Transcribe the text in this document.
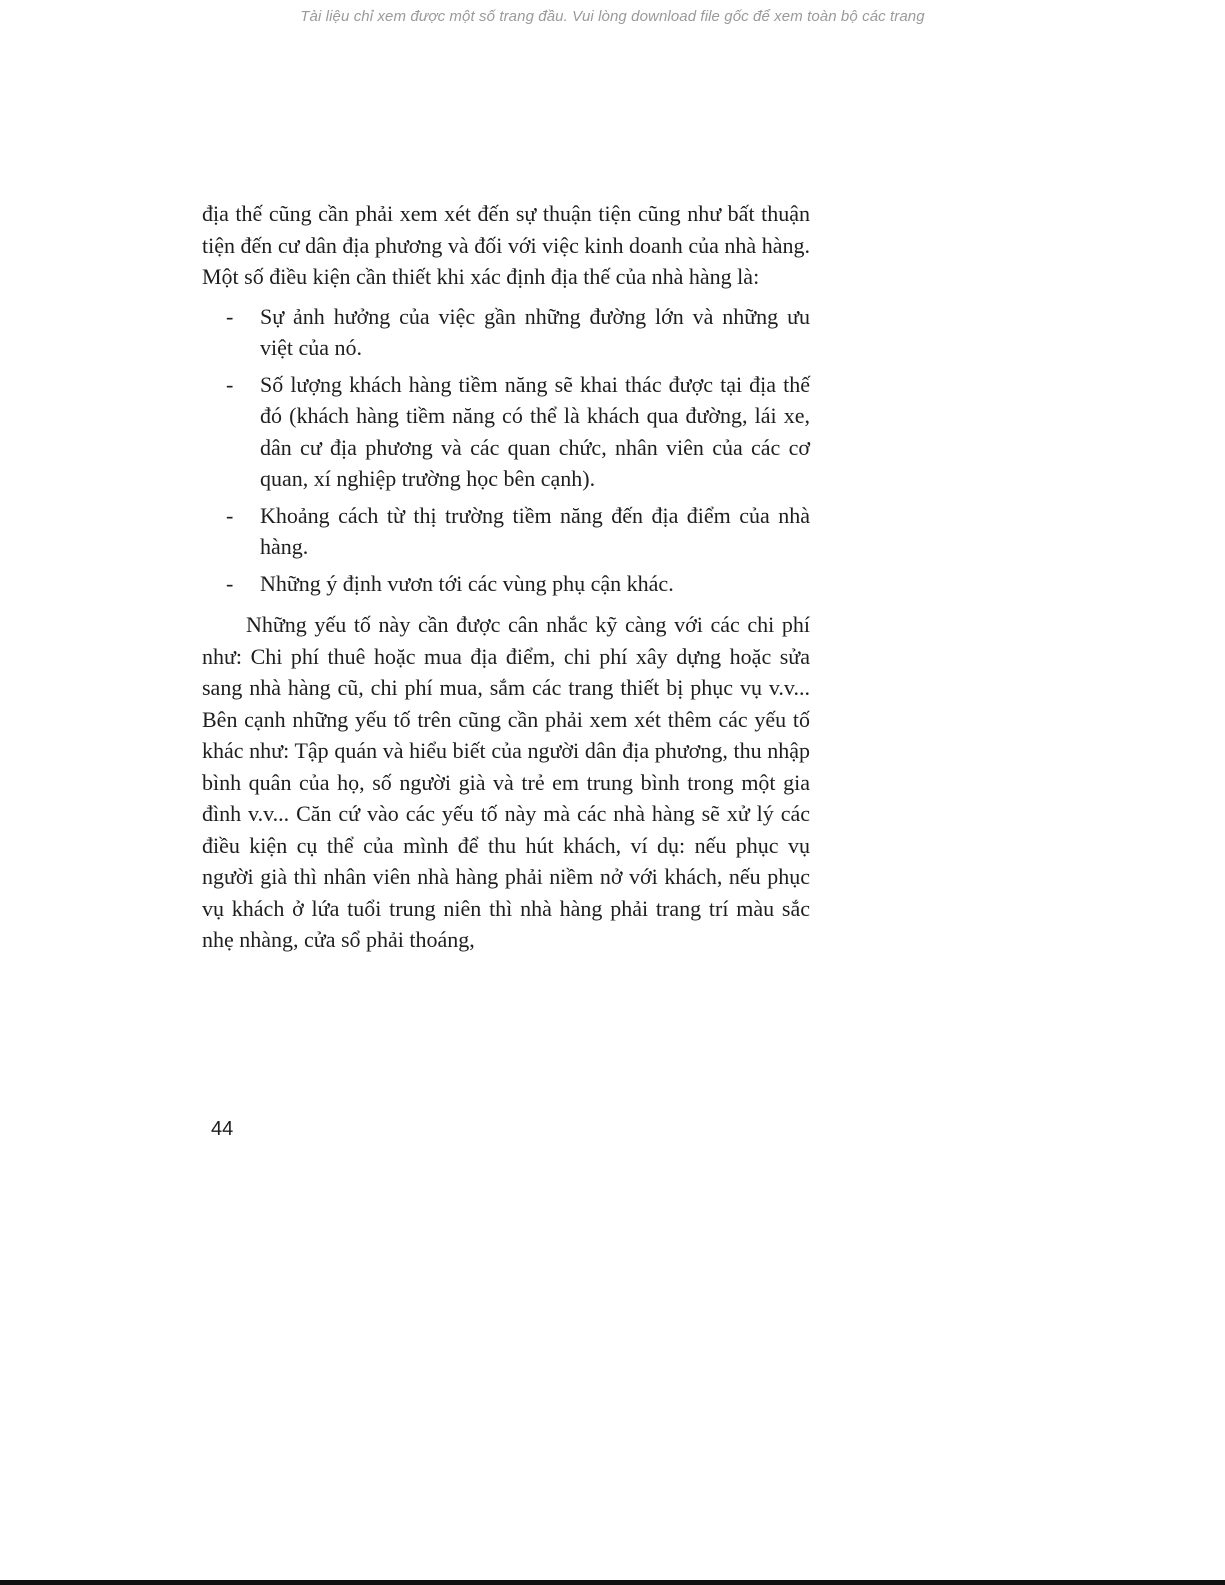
Tài liệu chỉ xem được một số trang đầu. Vui lòng download file gốc để xem toàn bộ các trang

địa thế cũng cần phải xem xét đến sự thuận tiện cũng như bất thuận tiện đến cư dân địa phương và đối với việc kinh doanh của nhà hàng. Một số điều kiện cần thiết khi xác định địa thế của nhà hàng là:

- Sự ảnh hưởng của việc gần những đường lớn và những ưu việt của nó.
- Số lượng khách hàng tiềm năng sẽ khai thác được tại địa thế đó (khách hàng tiềm năng có thể là khách qua đường, lái xe, dân cư địa phương và các quan chức, nhân viên của các cơ quan, xí nghiệp trường học bên cạnh).
- Khoảng cách từ thị trường tiềm năng đến địa điểm của nhà hàng.
- Những ý định vươn tới các vùng phụ cận khác.

Những yếu tố này cần được cân nhắc kỹ càng với các chi phí như: Chi phí thuê hoặc mua địa điểm, chi phí xây dựng hoặc sửa sang nhà hàng cũ, chi phí mua, sắm các trang thiết bị phục vụ v.v... Bên cạnh những yếu tố trên cũng cần phải xem xét thêm các yếu tố khác như: Tập quán và hiểu biết của người dân địa phương, thu nhập bình quân của họ, số người già và trẻ em trung bình trong một gia đình v.v... Căn cứ vào các yếu tố này mà các nhà hàng sẽ xử lý các điều kiện cụ thể của mình để thu hút khách, ví dụ: nếu phục vụ người già thì nhân viên nhà hàng phải niềm nở với khách, nếu phục vụ khách ở lứa tuổi trung niên thì nhà hàng phải trang trí màu sắc nhẹ nhàng, cửa sổ phải thoáng,

44
